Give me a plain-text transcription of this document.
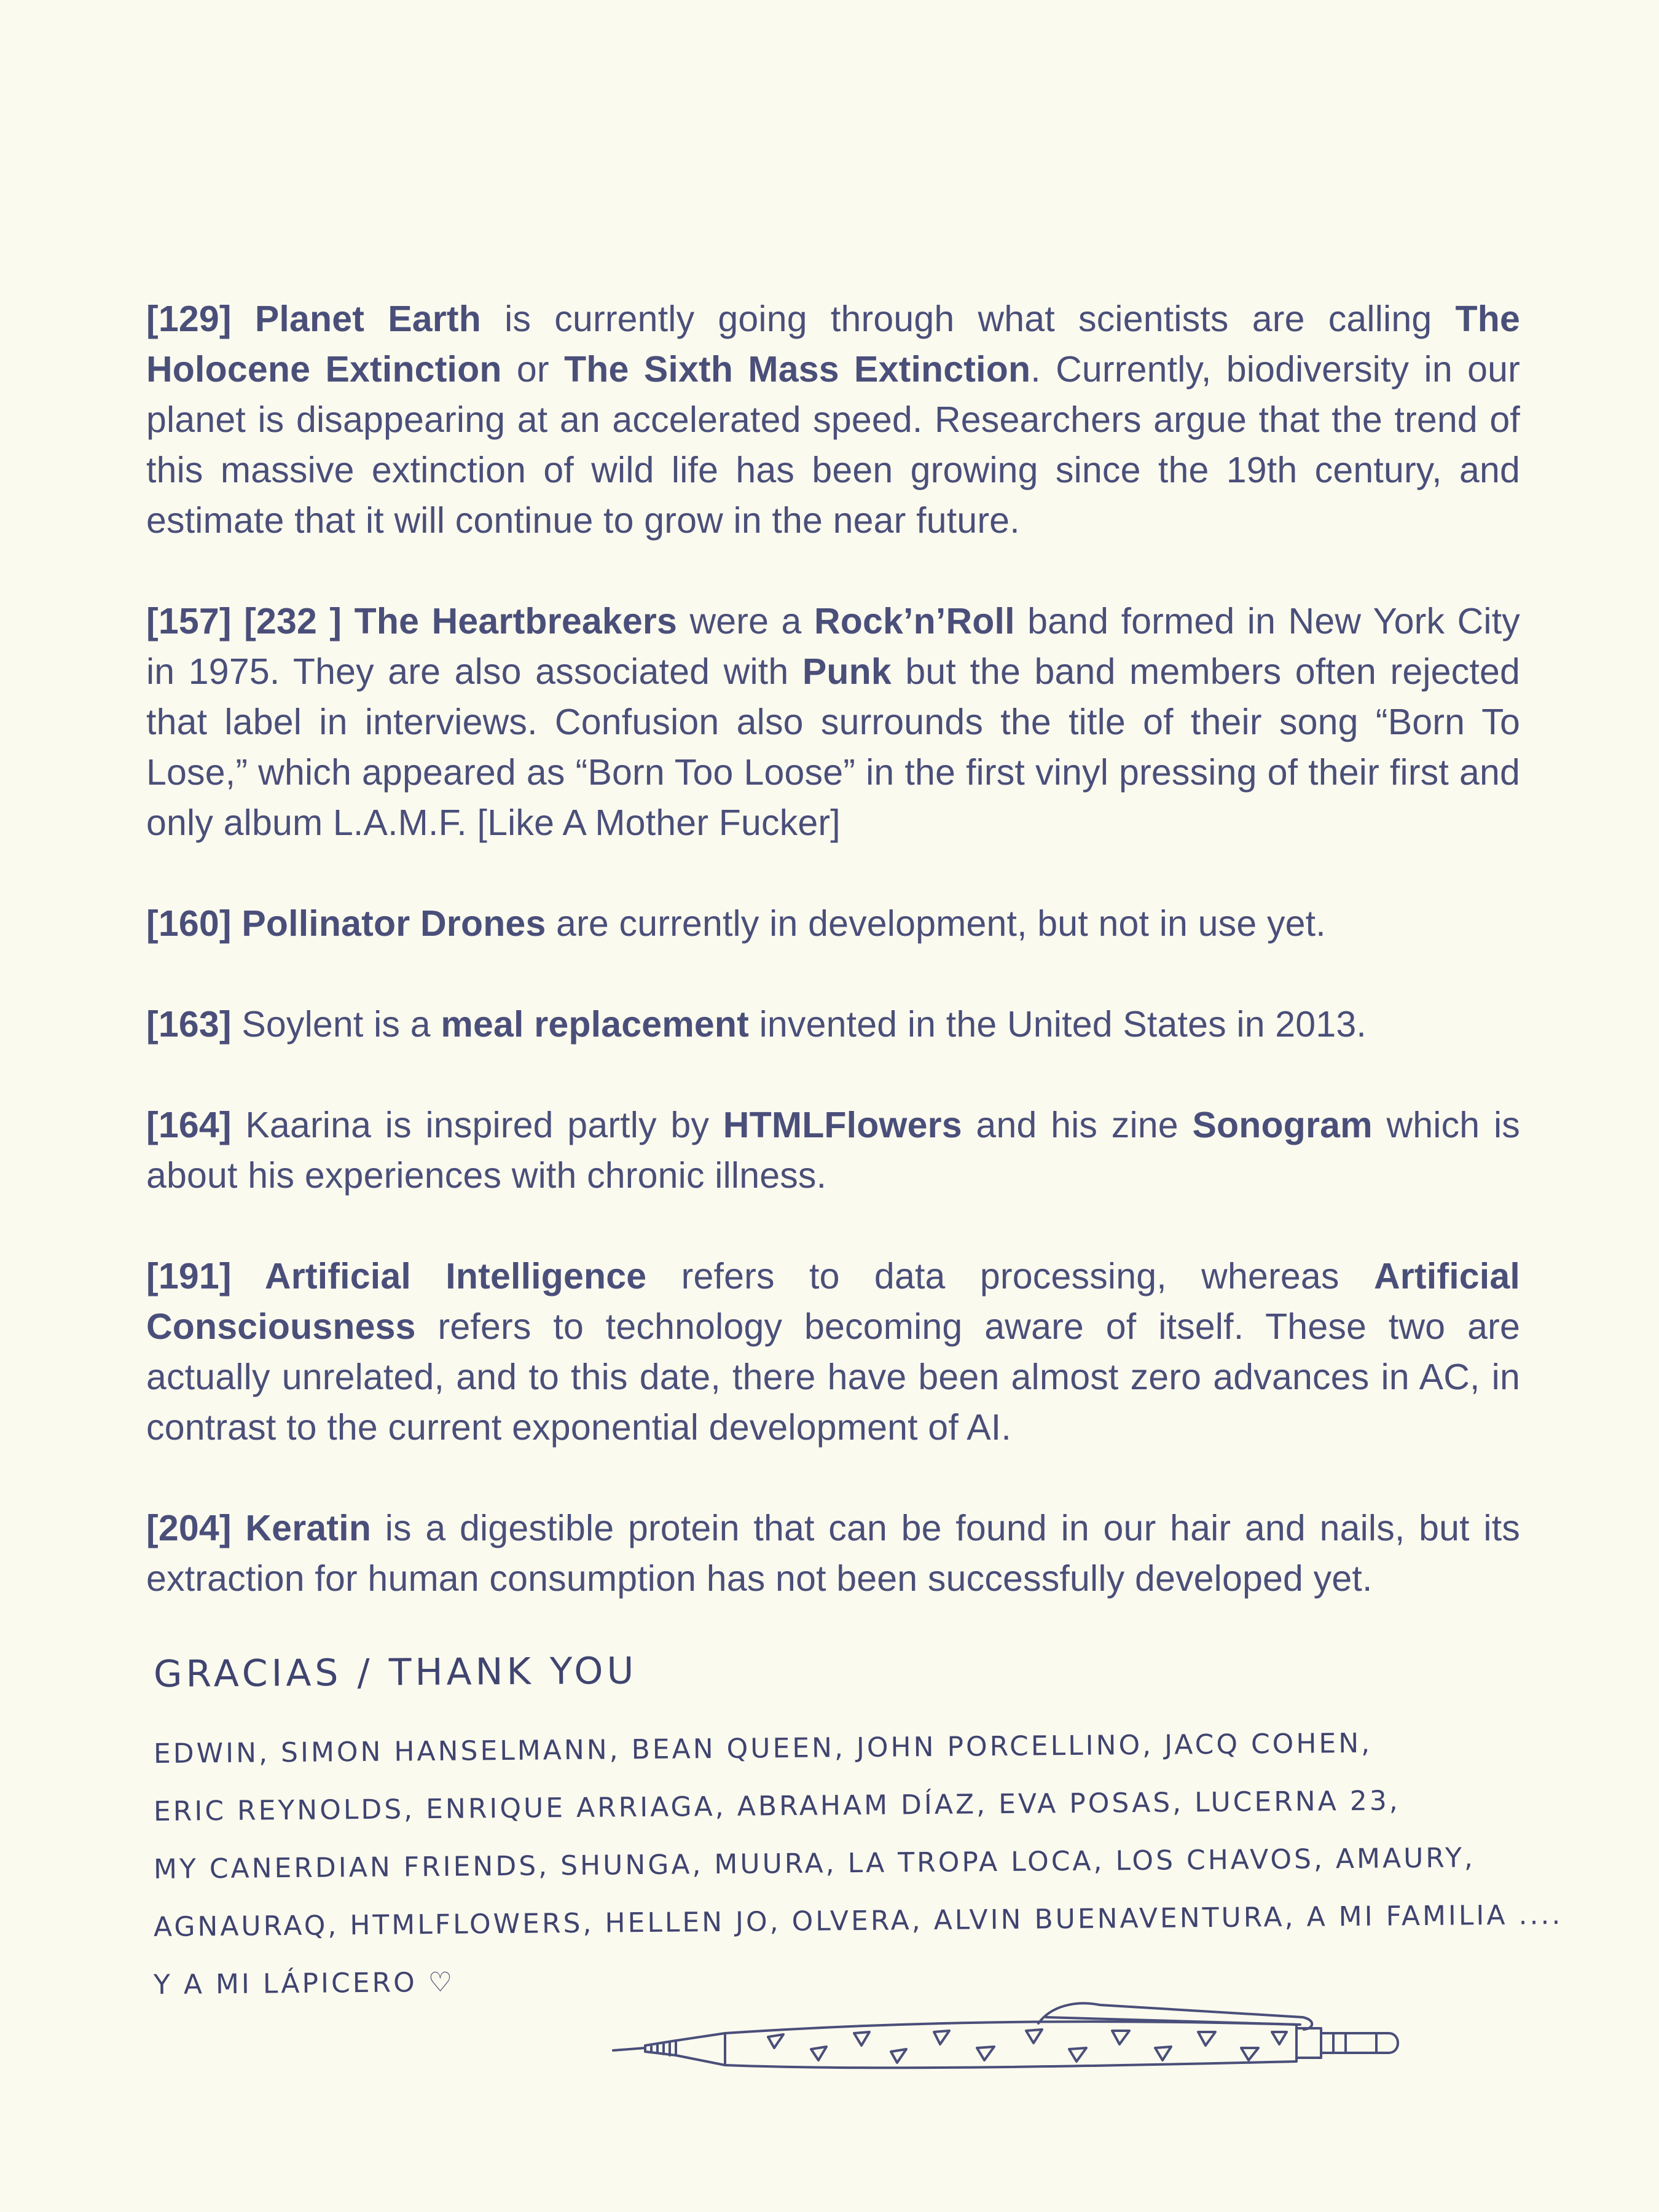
[129] Planet Earth is currently going through what scientists are calling The Holocene Extinction or The Sixth Mass Extinction. Currently, biodiversity in our planet is disappearing at an accelerated speed. Researchers argue that the trend of this massive extinction of wild life has been growing since the 19th century, and estimate that it will continue to grow in the near future.

[157] [232 ] The Heartbreakers were a Rock’n’Roll band formed in New York City in 1975. They are also associated with Punk but the band members often rejected that label in interviews. Confusion also surrounds the title of their song “Born To Lose,” which appeared as “Born Too Loose” in the first vinyl pressing of their first and only album L.A.M.F. [Like A Mother Fucker]

[160] Pollinator Drones are currently in development, but not in use yet.

[163] Soylent is a meal replacement invented in the United States in 2013.

[164] Kaarina is inspired partly by HTMLFlowers and his zine Sonogram which is about his experiences with chronic illness.

[191] Artificial Intelligence refers to data processing, whereas Artificial Consciousness refers to technology becoming aware of itself. These two are actually unrelated, and to this date, there have been almost zero advances in AC, in contrast to the current exponential development of AI.

[204] Keratin is a digestible protein that can be found in our hair and nails, but its extraction for human consumption has not been successfully developed yet.

GRACIAS / THANK YOU
EDWIN, SIMON HANSELMANN, BEAN QUEEN, JOHN PORCELLINO, JACQ COHEN,
ERIC REYNOLDS, ENRIQUE ARRIAGA, ABRAHAM DÍAZ, EVA POSAS, LUCERNA 23,
MY CANERDIAN FRIENDS, SHUNGA, MUURA, LA TROPA LOCA, LOS CHAVOS, AMAURY,
AGNAURAQ, HTMLFLOWERS, HELLEN JO, OLVERA, ALVIN BUENAVENTURA, A MI FAMILIA ....
Y A MI LÁPICERO ♡
